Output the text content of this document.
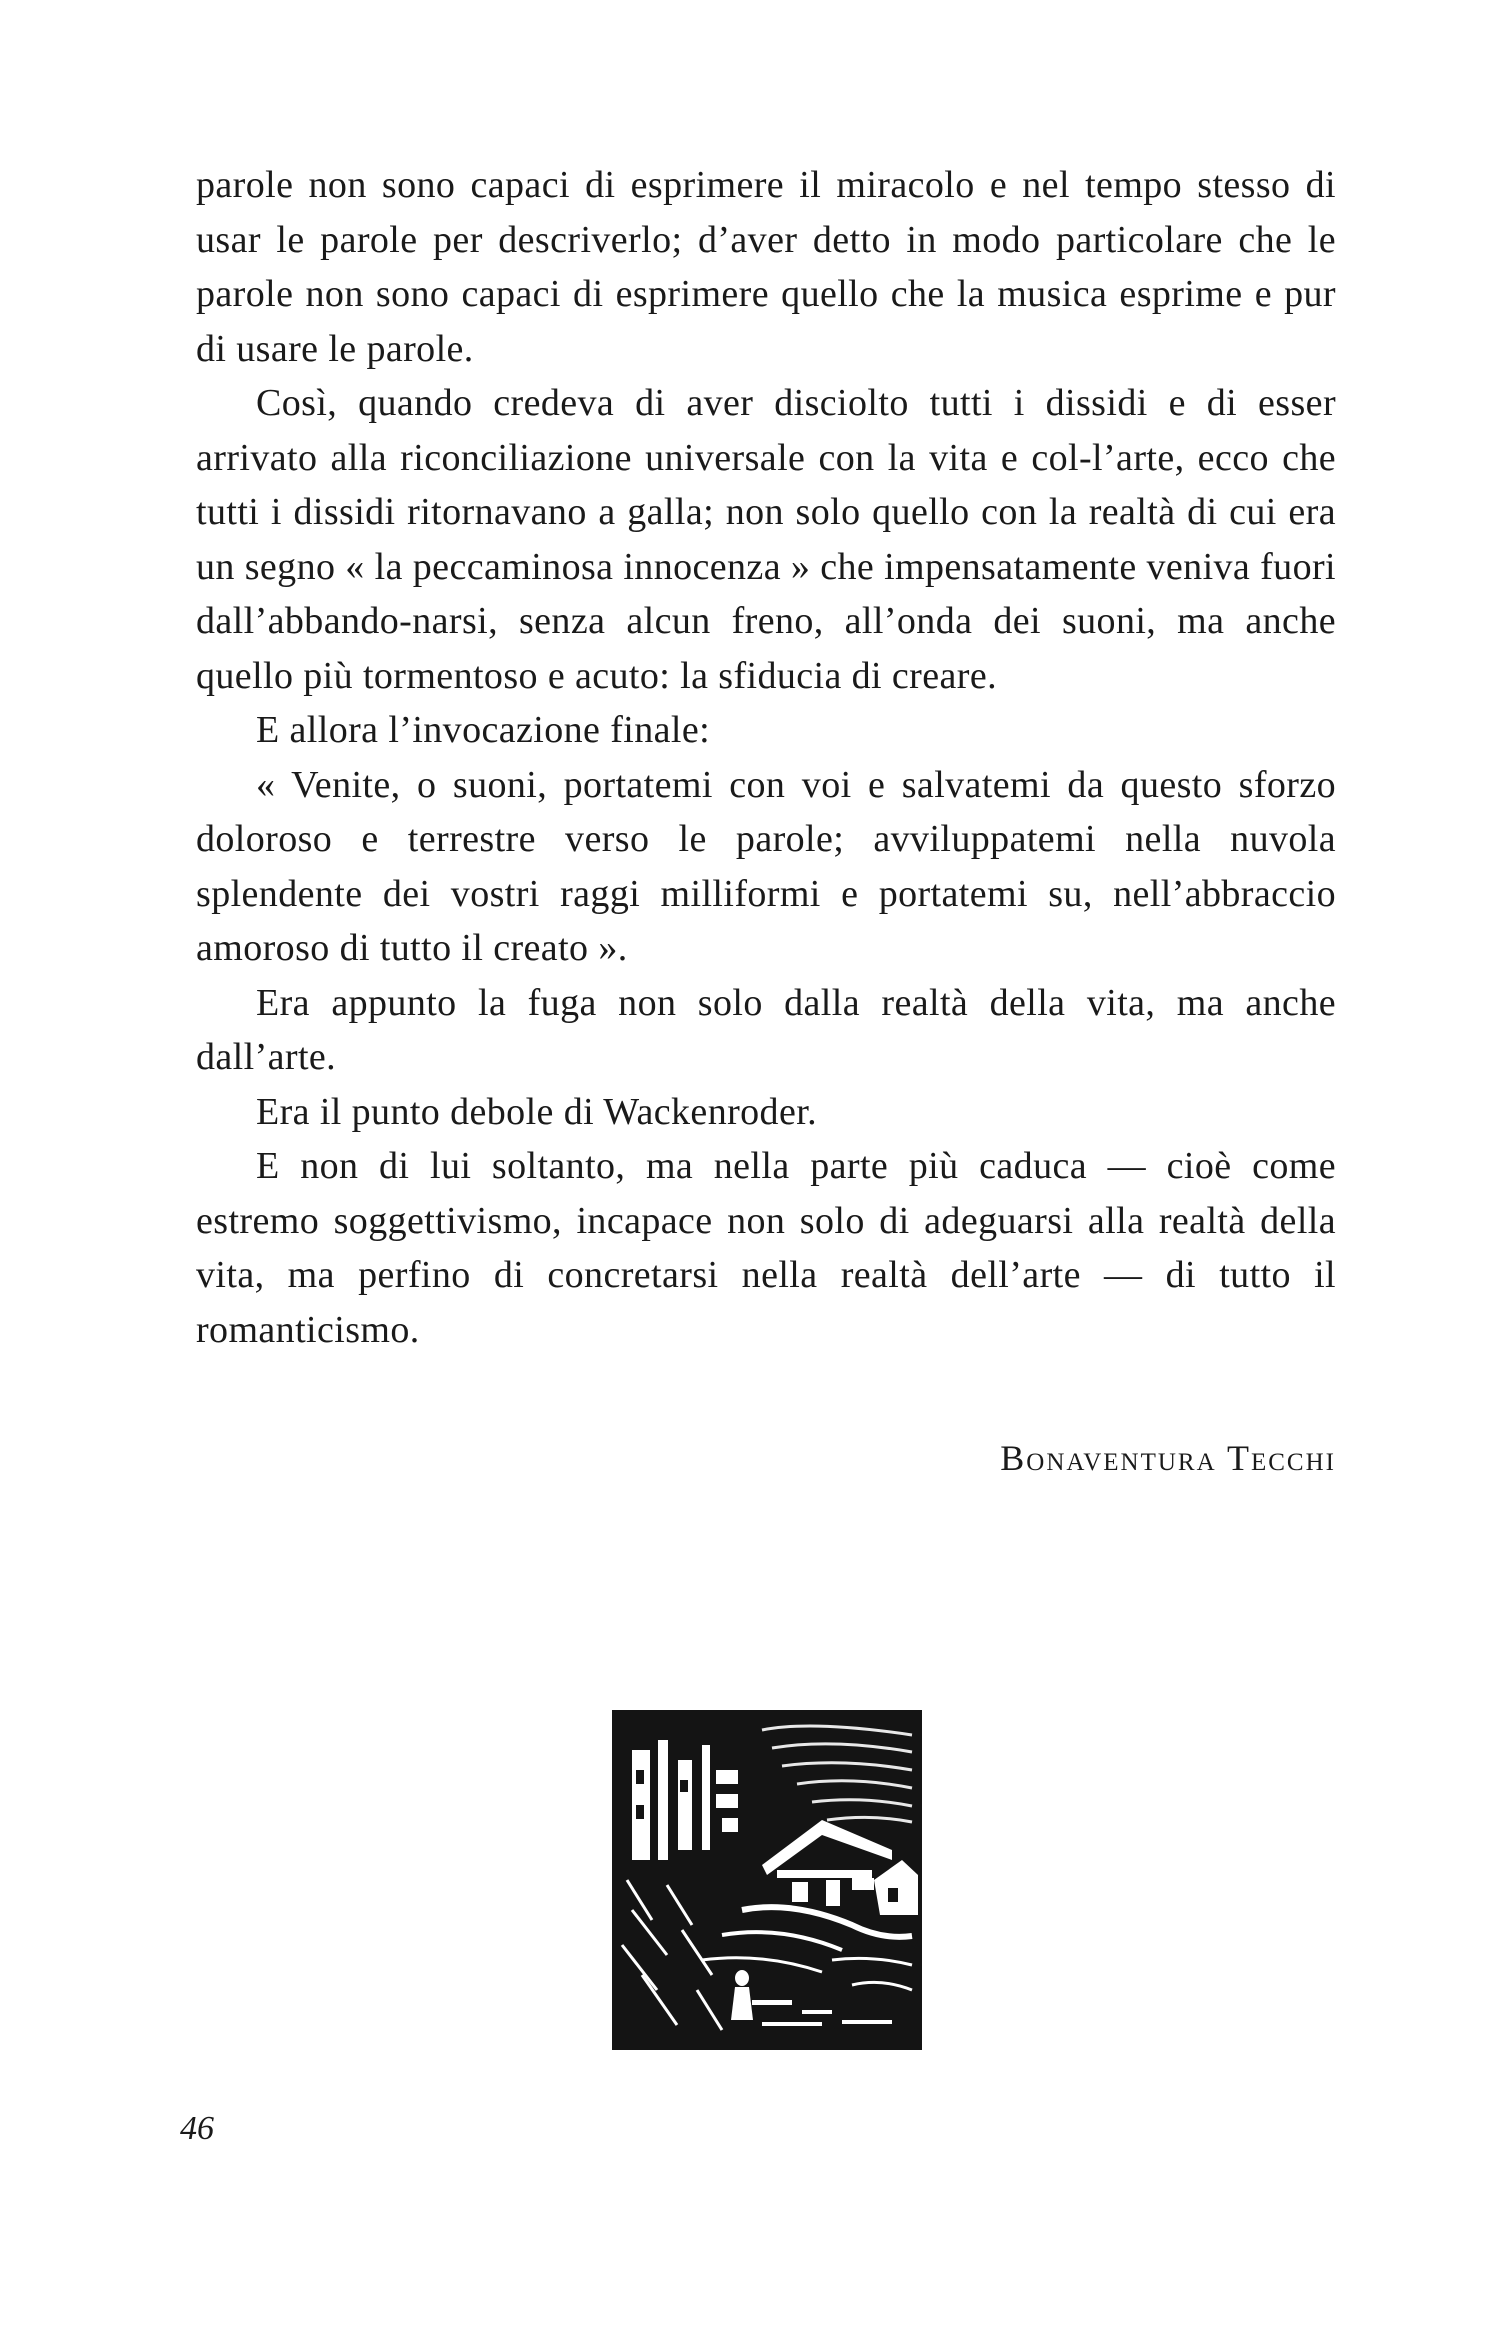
parole non sono capaci di esprimere il miracolo e nel tempo stesso di usar le parole per descriverlo; d’aver detto in modo particolare che le parole non sono capaci di esprimere quello che la musica esprime e pur di usare le parole.

Così, quando credeva di aver disciolto tutti i dissidi e di esser arrivato alla riconciliazione universale con la vita e col-l’arte, ecco che tutti i dissidi ritornavano a galla; non solo quello con la realtà di cui era un segno « la peccaminosa innocenza » che impensatamente veniva fuori dall’abbando-narsi, senza alcun freno, all’onda dei suoni, ma anche quello più tormentoso e acuto: la sfiducia di creare.

E allora l’invocazione finale:

« Venite, o suoni, portatemi con voi e salvatemi da questo sforzo doloroso e terrestre verso le parole; avviluppatemi nella nuvola splendente dei vostri raggi milliformi e portatemi su, nell’abbraccio amoroso di tutto il creato ».

Era appunto la fuga non solo dalla realtà della vita, ma anche dall’arte.

Era il punto debole di Wackenroder.

E non di lui soltanto, ma nella parte più caduca — cioè come estremo soggettivismo, incapace non solo di adeguarsi alla realtà della vita, ma perfino di concretarsi nella realtà dell’arte — di tutto il romanticismo.

Bonaventura Tecchi
46
